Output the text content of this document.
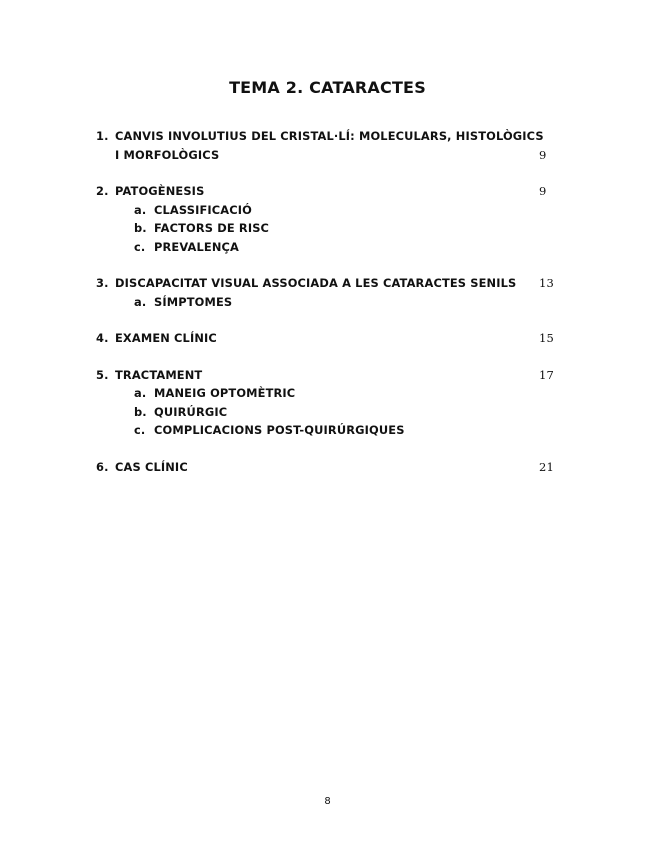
TEMA 2. CATARACTES
1. CANVIS INVOLUTIUS DEL CRISTAL·LÍ: MOLECULARS, HISTOLÒGICS
I MORFOLÒGICS	9
2. PATOGÈNESIS	9
a. CLASSIFICACIÓ
b. FACTORS DE RISC
c. PREVALENÇA
3. DISCAPACITAT VISUAL ASSOCIADA A LES CATARACTES SENILS 13
a. SÍMPTOMES
4. EXAMEN CLÍNIC	15
5. TRACTAMENT	17
a. MANEIG OPTOMÈTRIC
b. QUIRÚRGIC
c. COMPLICACIONS POST-QUIRÚRGIQUES
6. CAS CLÍNIC	21
8
